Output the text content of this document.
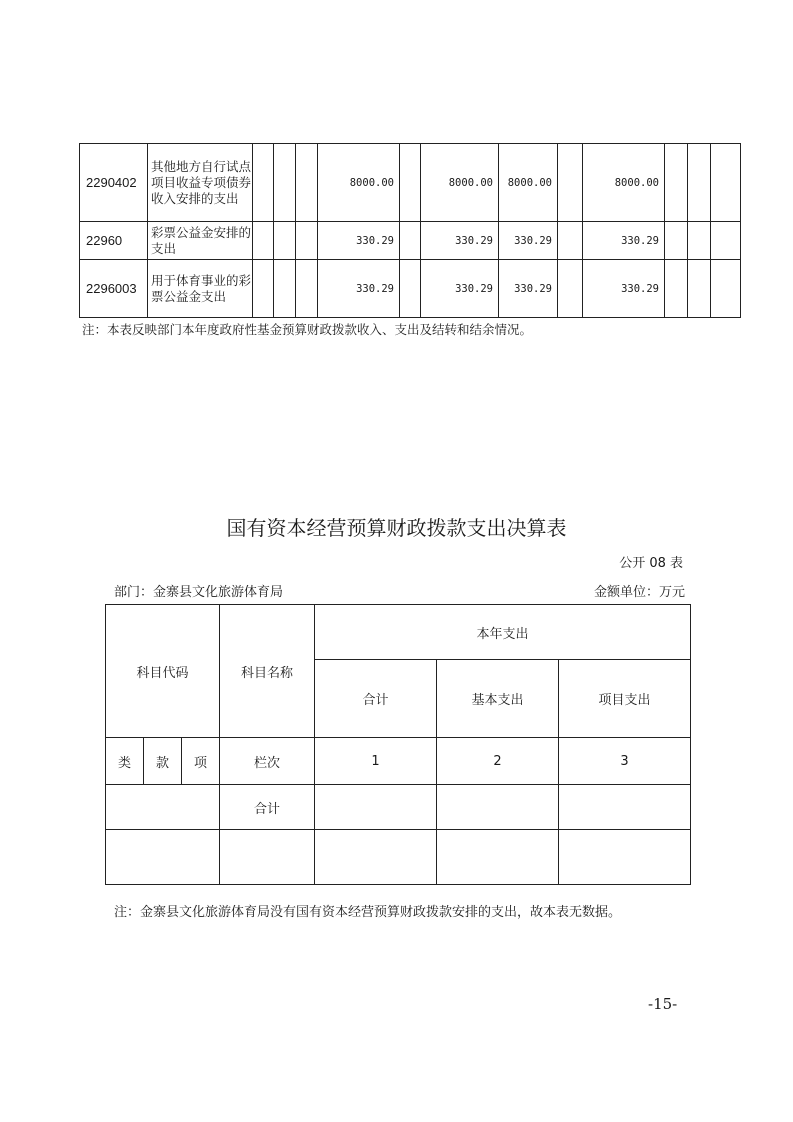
2290402	其他地方自行试点项目收益专项债券收入安排的支出				8000.00		8000.00	8000.00		8000.00			
22960	彩票公益金安排的支出				330.29		330.29	330.29		330.29			
2296003	用于体育事业的彩票公益金支出				330.29		330.29	330.29		330.29			
注：本表反映部门本年度政府性基金预算财政拨款收入、支出及结转和结余情况。
国有资本经营预算财政拨款支出决算表
公开 08 表
部门：金寨县文化旅游体育局	金额单位：万元
科目代码			科目名称	本年支出		
				合计	基本支出	项目支出
类	款	项	栏次	1	2	3
			合计			

注：金寨县文化旅游体育局没有国有资本经营预算财政拨款安排的支出，故本表无数据。
-15-
